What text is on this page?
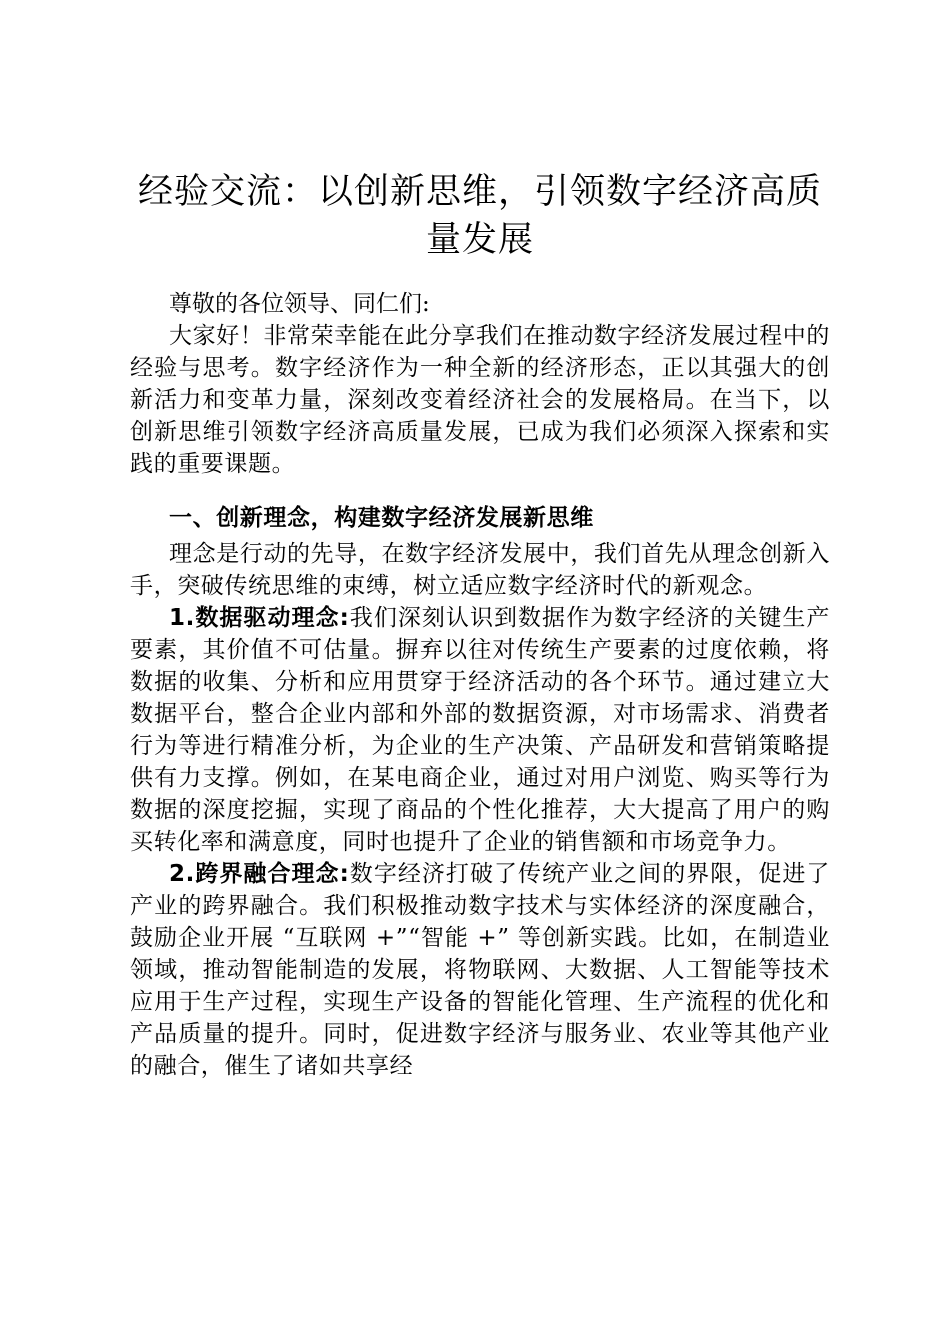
经验交流：以创新思维，引领数字经济高质量发展

尊敬的各位领导、同仁们:

大家好！非常荣幸能在此分享我们在推动数字经济发展过程中的经验与思考。数字经济作为一种全新的经济形态，正以其强大的创新活力和变革力量，深刻改变着经济社会的发展格局。在当下，以创新思维引领数字经济高质量发展，已成为我们必须深入探索和实践的重要课题。

一、创新理念，构建数字经济发展新思维

理念是行动的先导，在数字经济发展中，我们首先从理念创新入手，突破传统思维的束缚，树立适应数字经济时代的新观念。

1.数据驱动理念:我们深刻认识到数据作为数字经济的关键生产要素，其价值不可估量。摒弃以往对传统生产要素的过度依赖，将数据的收集、分析和应用贯穿于经济活动的各个环节。通过建立大数据平台，整合企业内部和外部的数据资源，对市场需求、消费者行为等进行精准分析，为企业的生产决策、产品研发和营销策略提供有力支撑。例如，在某电商企业，通过对用户浏览、购买等行为数据的深度挖掘，实现了商品的个性化推荐，大大提高了用户的购买转化率和满意度，同时也提升了企业的销售额和市场竞争力。

2.跨界融合理念:数字经济打破了传统产业之间的界限，促进了产业的跨界融合。我们积极推动数字技术与实体经济的深度融合，鼓励企业开展 “互联网 +”“智能 +” 等创新实践。比如，在制造业领域，推动智能制造的发展，将物联网、大数据、人工智能等技术应用于生产过程，实现生产设备的智能化管理、生产流程的优化和产品质量的提升。同时，促进数字经济与服务业、农业等其他产业的融合，催生了诸如共享经
